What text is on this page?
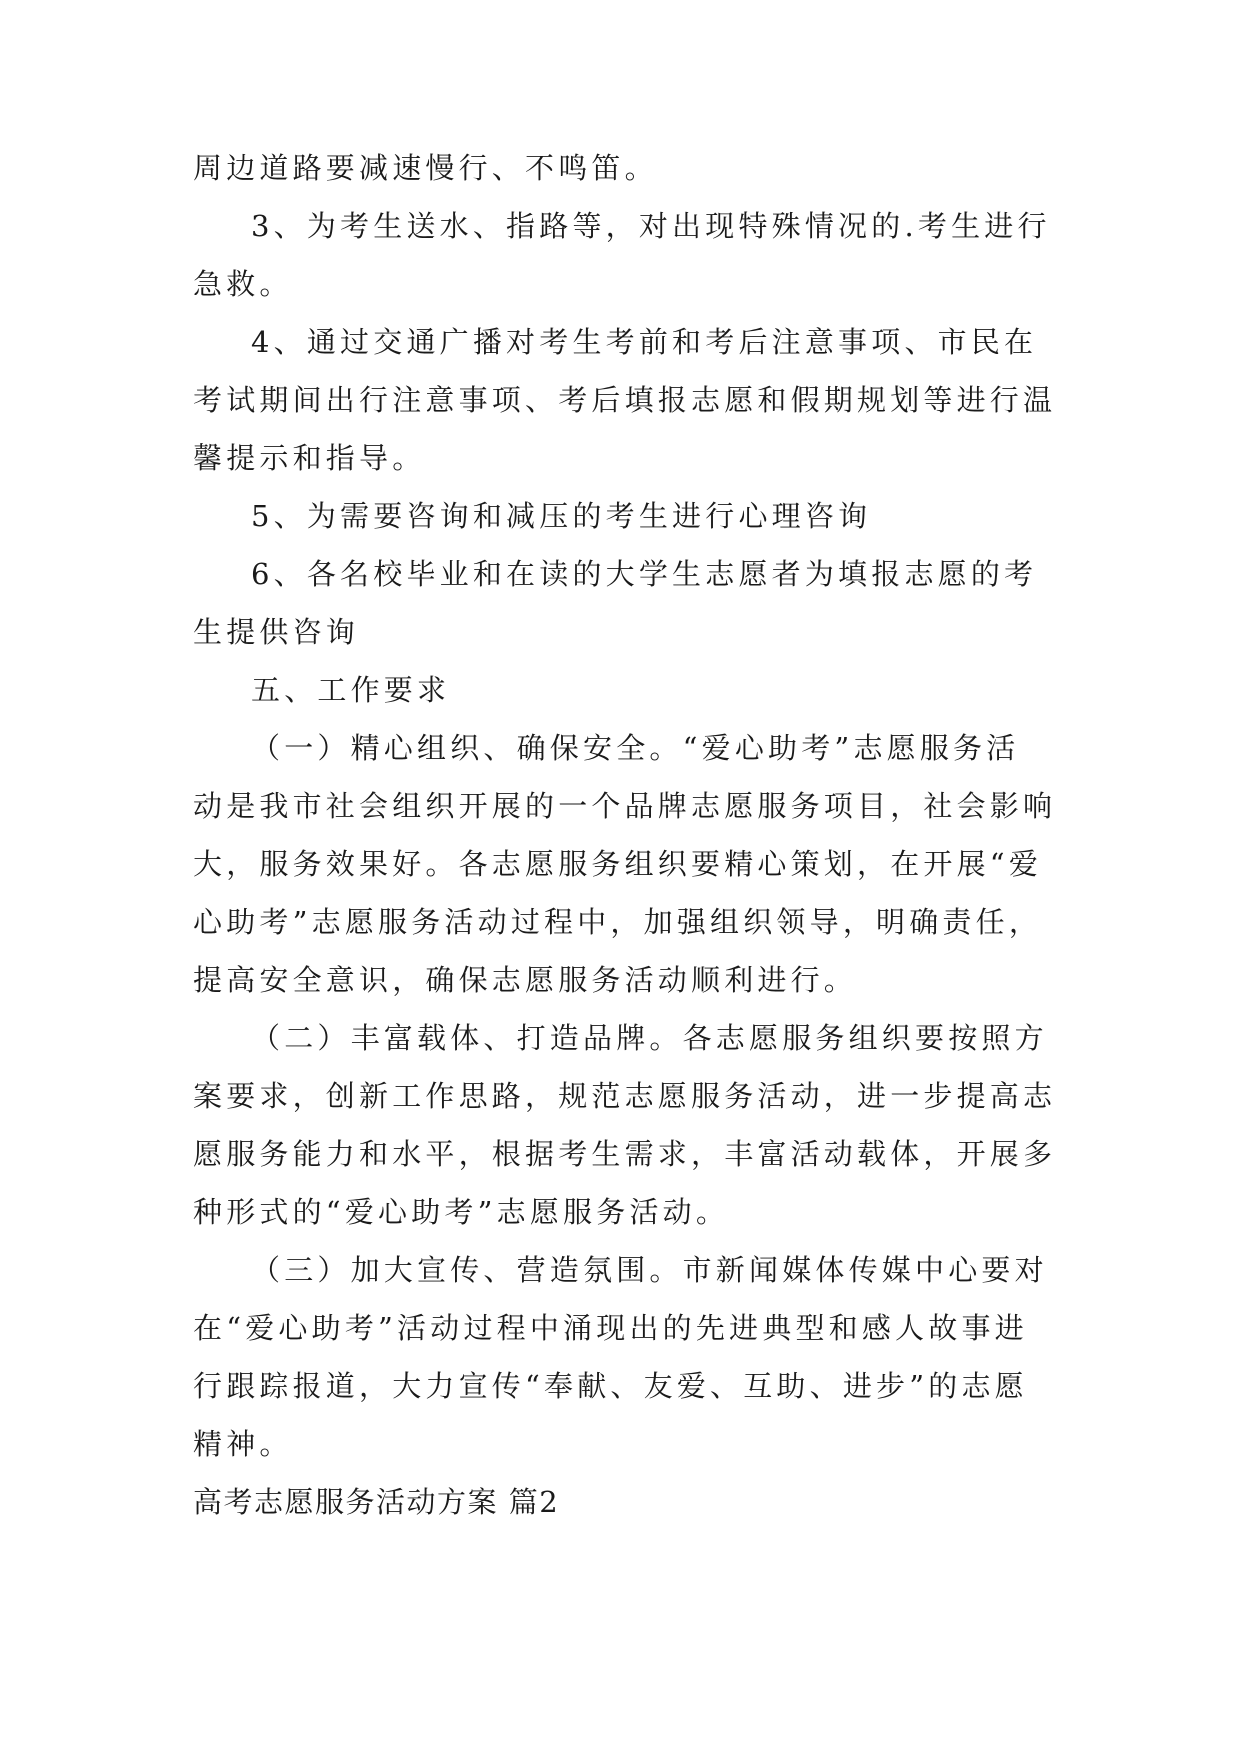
周边道路要减速慢行、不鸣笛。
3、为考生送水、指路等，对出现特殊情况的.考生进行
急救。
4、通过交通广播对考生考前和考后注意事项、市民在
考试期间出行注意事项、考后填报志愿和假期规划等进行温
馨提示和指导。
5、为需要咨询和减压的考生进行心理咨询
6、各名校毕业和在读的大学生志愿者为填报志愿的考
生提供咨询
五、工作要求
（一）精心组织、确保安全。“爱心助考”志愿服务活
动是我市社会组织开展的一个品牌志愿服务项目，社会影响
大，服务效果好。各志愿服务组织要精心策划，在开展“爱
心助考”志愿服务活动过程中，加强组织领导，明确责任，
提高安全意识，确保志愿服务活动顺利进行。
（二）丰富载体、打造品牌。各志愿服务组织要按照方
案要求，创新工作思路，规范志愿服务活动，进一步提高志
愿服务能力和水平，根据考生需求，丰富活动载体，开展多
种形式的“爱心助考”志愿服务活动。
（三）加大宣传、营造氛围。市新闻媒体传媒中心要对
在“爱心助考”活动过程中涌现出的先进典型和感人故事进
行跟踪报道，大力宣传“奉献、友爱、互助、进步”的志愿
精神。
高考志愿服务活动方案 篇2
